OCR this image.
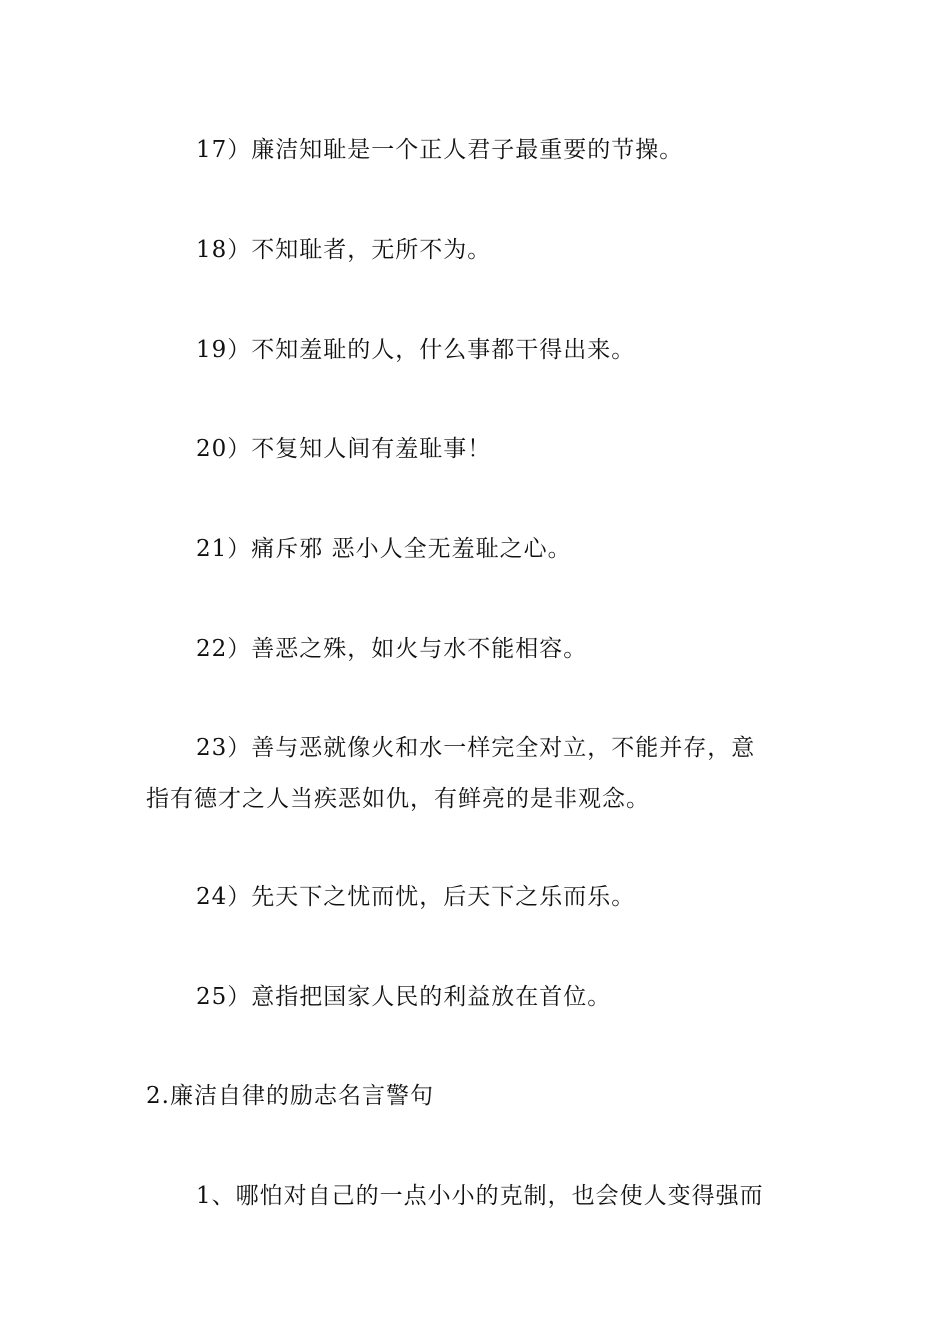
17）廉洁知耻是一个正人君子最重要的节操。
18）不知耻者，无所不为。
19）不知羞耻的人，什么事都干得出来。
20）不复知人间有羞耻事！
21）痛斥邪 恶小人全无羞耻之心。
22）善恶之殊，如火与水不能相容。
23）善与恶就像火和水一样完全对立，不能并存，意
指有德才之人当疾恶如仇，有鲜亮的是非观念。
24）先天下之忧而忧，后天下之乐而乐。
25）意指把国家人民的利益放在首位。
2.廉洁自律的励志名言警句
1、哪怕对自己的一点小小的克制，也会使人变得强而
